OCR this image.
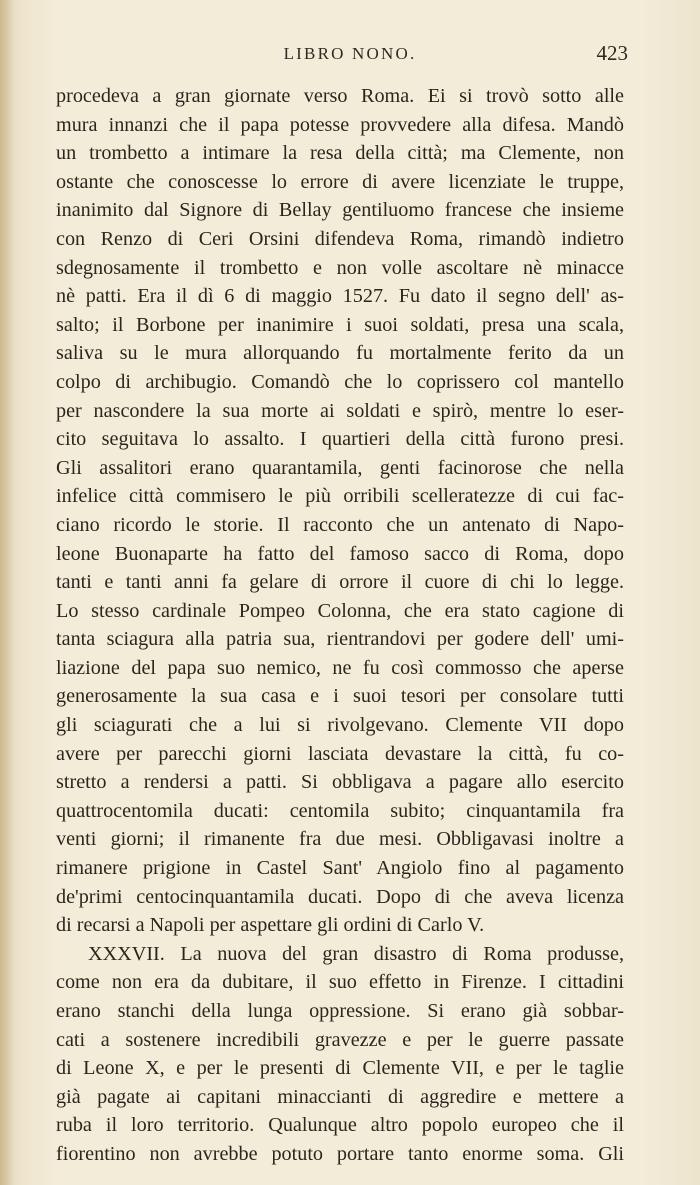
LIBRO NONO.	423
procedeva a gran giornate verso Roma. Ei si trovò sotto alle
mura innanzi che il papa potesse provvedere alla difesa. Mandò
un trombetto a intimare la resa della città; ma Clemente, non
ostante che conoscesse lo errore di avere licenziate le truppe,
inanimito dal Signore di Bellay gentiluomo francese che insieme
con Renzo di Ceri Orsini difendeva Roma, rimandò indietro
sdegnosamente il trombetto e non volle ascoltare nè minacce
nè patti. Era il dì 6 di maggio 1527. Fu dato il segno dell' as-
salto; il Borbone per inanimire i suoi soldati, presa una scala,
saliva su le mura allorquando fu mortalmente ferito da un
colpo di archibugio. Comandò che lo coprissero col mantello
per nascondere la sua morte ai soldati e spirò, mentre lo eser-
cito seguitava lo assalto. I quartieri della città furono presi.
Gli assalitori erano quarantamila, genti facinorose che nella
infelice città commisero le più orribili scelleratezze di cui fac-
ciano ricordo le storie. Il racconto che un antenato di Napo-
leone Buonaparte ha fatto del famoso sacco di Roma, dopo
tanti e tanti anni fa gelare di orrore il cuore di chi lo legge.
Lo stesso cardinale Pompeo Colonna, che era stato cagione di
tanta sciagura alla patria sua, rientrandovi per godere dell' umi-
liazione del papa suo nemico, ne fu così commosso che aperse
generosamente la sua casa e i suoi tesori per consolare tutti
gli sciagurati che a lui si rivolgevano. Clemente VII dopo
avere per parecchi giorni lasciata devastare la città, fu co-
stretto a rendersi a patti. Si obbligava a pagare allo esercito
quattrocentomila ducati: centomila subito; cinquantamila fra
venti giorni; il rimanente fra due mesi. Obbligavasi inoltre a
rimanere prigione in Castel Sant' Angiolo fino al pagamento
de'primi centocinquantamila ducati. Dopo di che aveva licenza
di recarsi a Napoli per aspettare gli ordini di Carlo V.
XXXVII. La nuova del gran disastro di Roma produsse,
come non era da dubitare, il suo effetto in Firenze. I cittadini
erano stanchi della lunga oppressione. Si erano già sobbar-
cati a sostenere incredibili gravezze e per le guerre passate
di Leone X, e per le presenti di Clemente VII, e per le taglie
già pagate ai capitani minaccianti di aggredire e mettere a
ruba il loro territorio. Qualunque altro popolo europeo che il
fiorentino non avrebbe potuto portare tanto enorme soma. Gli
